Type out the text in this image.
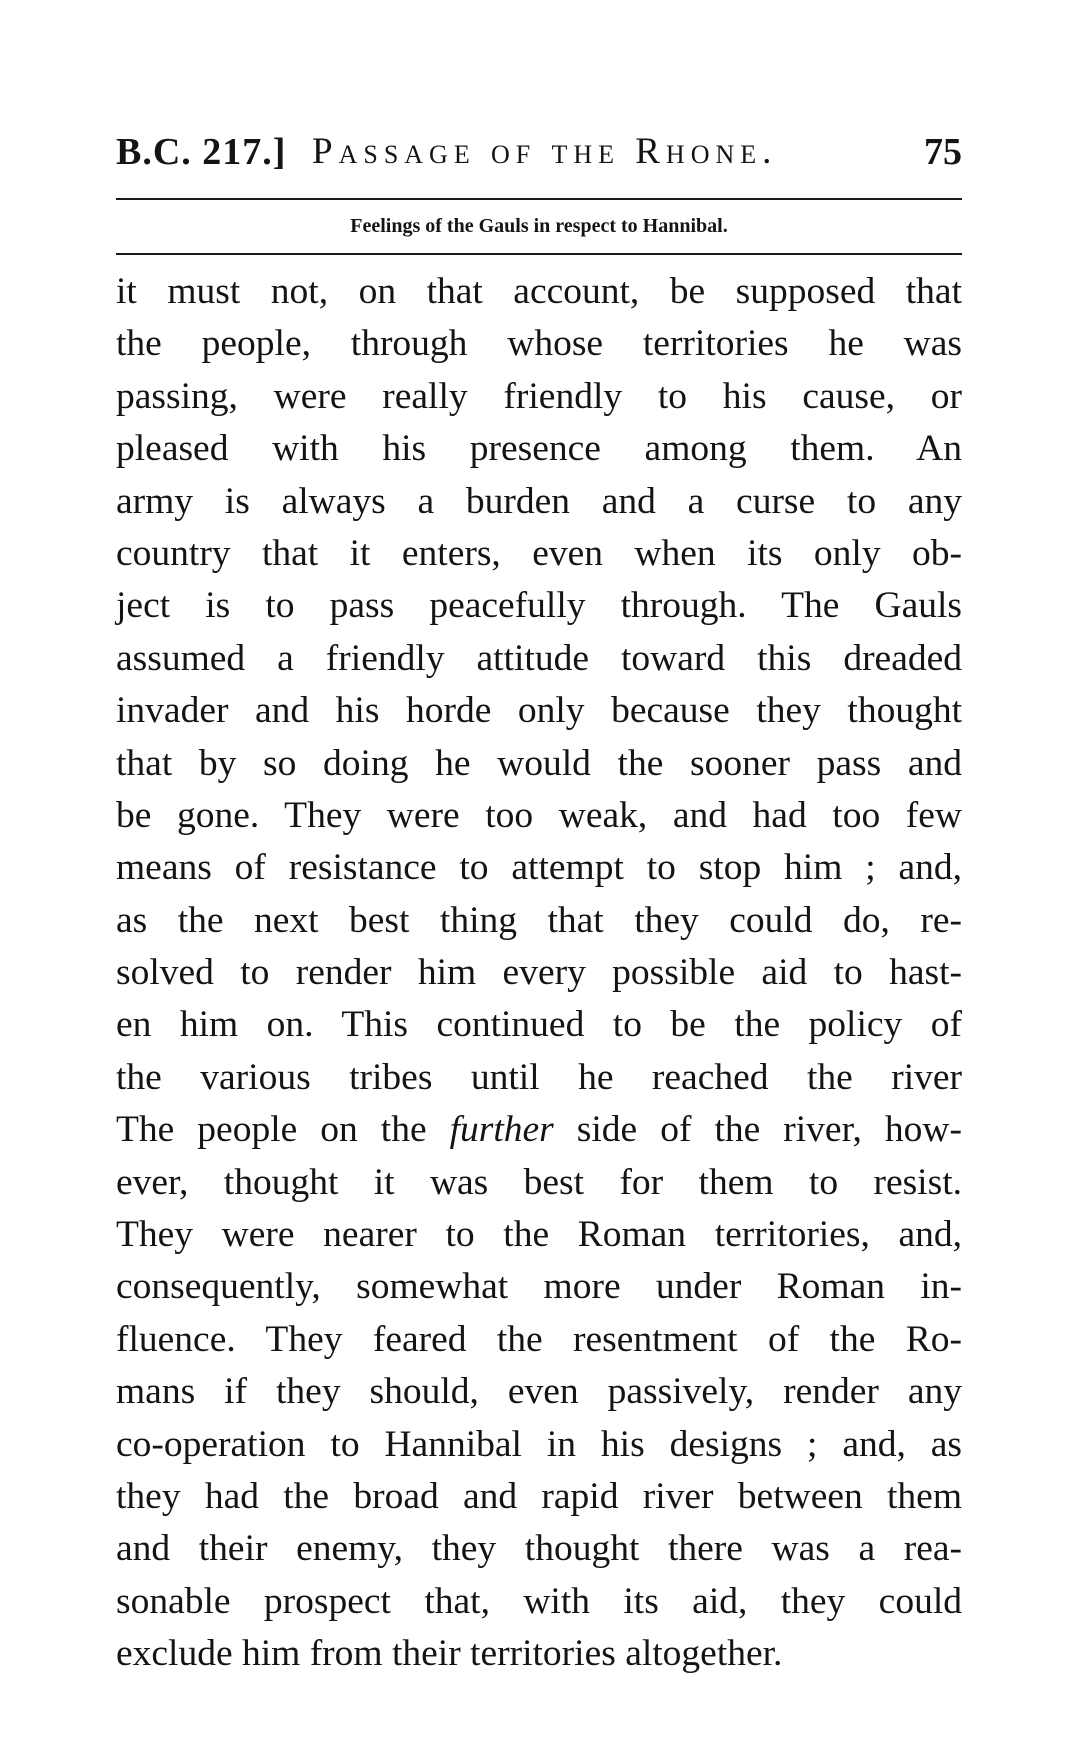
B.C. 217.] Passage of the Rhone.	75
Feelings of the Gauls in respect to Hannibal.
it must not, on that account, be supposed that
the people, through whose territories he was
passing, were really friendly to his cause, or
pleased with his presence among them. An
army is always a burden and a curse to any
country that it enters, even when its only ob-
ject is to pass peacefully through. The Gauls
assumed a friendly attitude toward this dreaded
invader and his horde only because they thought
that by so doing he would the sooner pass and
be gone. They were too weak, and had too few
means of resistance to attempt to stop him ; and,
as the next best thing that they could do, re-
solved to render him every possible aid to hast-
en him on. This continued to be the policy of
the various tribes until he reached the river
The people on the further side of the river, how-
ever, thought it was best for them to resist.
They were nearer to the Roman territories, and,
consequently, somewhat more under Roman in-
fluence. They feared the resentment of the Ro-
mans if they should, even passively, render any
co-operation to Hannibal in his designs ; and, as
they had the broad and rapid river between them
and their enemy, they thought there was a rea-
sonable prospect that, with its aid, they could
exclude him from their territories altogether.
